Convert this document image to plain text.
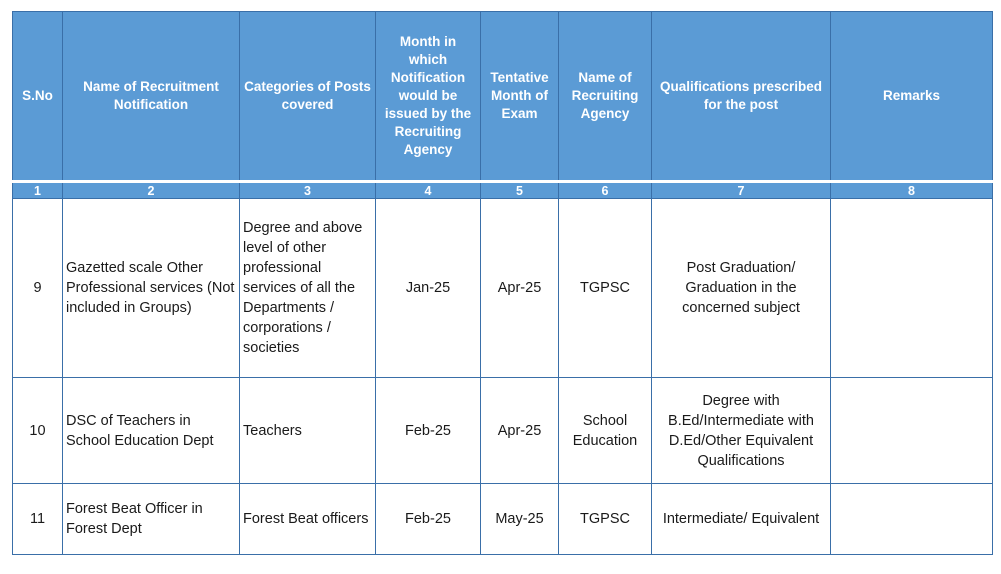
S.No	Name of Recruitment Notification	Categories of Posts covered	Month in which Notification would be issued by the Recruiting Agency	Tentative Month of Exam	Name of Recruiting Agency	Qualifications prescribed for the post	Remarks
1	2	3	4	5	6	7	8
9	Gazetted scale Other Professional services (Not included in Groups)	Degree and above level of other professional services of all the Departments / corporations / societies	Jan-25	Apr-25	TGPSC	Post Graduation/ Graduation in the concerned subject	
10	DSC of Teachers in School Education Dept	Teachers	Feb-25	Apr-25	School Education	Degree with B.Ed/Intermediate with D.Ed/Other Equivalent Qualifications	
11	Forest Beat Officer in Forest Dept	Forest Beat officers	Feb-25	May-25	TGPSC	Intermediate/ Equivalent	
